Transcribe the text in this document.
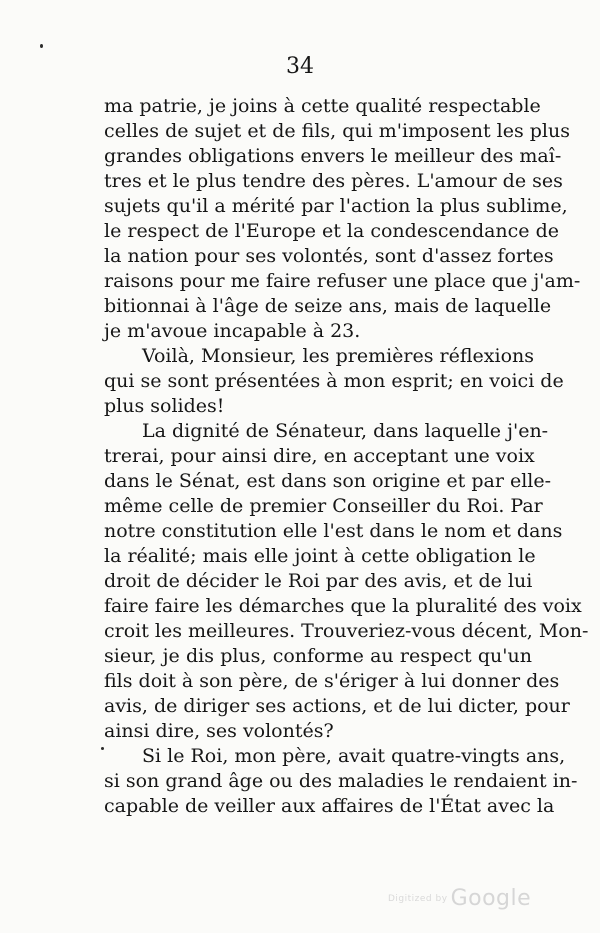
34
ma patrie, je joins à cette qualité respectable
celles de sujet et de fils, qui m'imposent les plus
grandes obligations envers le meilleur des maî-
tres et le plus tendre des pères. L'amour de ses
sujets qu'il a mérité par l'action la plus sublime,
le respect de l'Europe et la condescendance de
la nation pour ses volontés, sont d'assez fortes
raisons pour me faire refuser une place que j'am-
bitionnai à l'âge de seize ans, mais de laquelle
je m'avoue incapable à 23.
Voilà, Monsieur, les premières réflexions
qui se sont présentées à mon esprit; en voici de
plus solides!
La dignité de Sénateur, dans laquelle j'en-
trerai, pour ainsi dire, en acceptant une voix
dans le Sénat, est dans son origine et par elle-
même celle de premier Conseiller du Roi. Par
notre constitution elle l'est dans le nom et dans
la réalité; mais elle joint à cette obligation le
droit de décider le Roi par des avis, et de lui
faire faire les démarches que la pluralité des voix
croit les meilleures. Trouveriez-vous décent, Mon-
sieur, je dis plus, conforme au respect qu'un
fils doit à son père, de s'ériger à lui donner des
avis, de diriger ses actions, et de lui dicter, pour
ainsi dire, ses volontés?
Si le Roi, mon père, avait quatre-vingts ans,
si son grand âge ou des maladies le rendaient in-
capable de veiller aux affaires de l'État avec la
Digitized by Google
